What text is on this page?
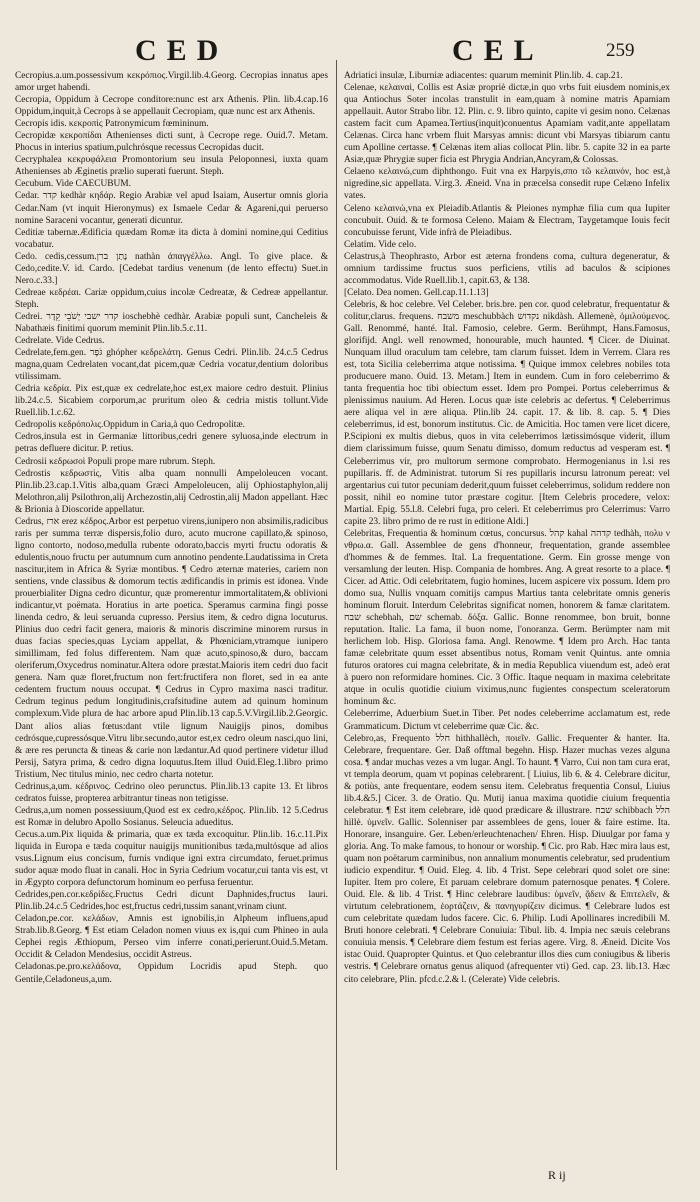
CED	CEL	259

Cecropius.a.um.possessivum κεκρόπιος.Virgil.lib.4.Georg. Cecropias innatus apes amor urget habendi.

Cecropia, Oppidum à Cecrope conditore:nunc est arx Athenis. Plin. lib.4.cap.16 Oppidum,inquit,à Cecrops à se appellauit Cecropiam, quæ nunc est arx Athenis.

Cecropis idis. κεκροπὶς Patronymicum fœmininum.

Cecropidæ κεκροπίδαι Athenienses dicti sunt, à Cecrope rege. Ouid.7. Metam. Phocus in interius spatium,pulchrósque recessus Cecropidas ducit.

Cecryphalea κεκρυφάλεια Promontorium seu insula Peloponnesi, iuxta quam Athenienses ab Æginetis prælio superati fuerunt. Steph.

Cecubum. Vide CAECUBUM.

Cedar. קדר kedhàr κηδάρ. Regio Arabiæ vel apud Isaiam, Ausertur omnis gloria Cedar.Nam (vt inquit Hieronymus) ex Ismaele Cedar & Agareni,qui peruerso nomine Saraceni vocantur, generati dicuntur.

Ceditiæ tabernæ.Ædificia quædam Romæ ita dicta à domini nomine,qui Ceditius vocabatur.

Cedo. cedis,cessum.נָתַן ברן nathàn ἀπαγγέλλω. Angl. To give place. & Cedo,cedite.V. id. Cardo. [Cedebat tardius venenum (de lento effectu) Suet.in Nero.c.33.]

Cedreae κεδρέαι. Cariæ oppidum,cuius incolæ Cedreatæ, & Cedreæ appellantur. Steph.

Cedrei. קדר ישבי יְשֹׁבֵי קֵדָר ioschebhè cedhàr. Arabiæ populi sunt, Cancheleis & Nabathæis finitimi quorum meminit Plin.lib.5.c.11.

Cedrelate. Vide Cedrus.

Cedrelate,fem.gen. גֹּפֶר ghópher κεδρελάτη. Genus Cedri. Plin.lib. 24.c.5 Cedrus magna,quam Cedrelaten vocant,dat picem,quæ Cedria vocatur,dentium doloribus vtilissimam.

Cedria κεδρία. Pix est,quæ ex cedrelate,hoc est,ex maiore cedro destuit. Plinius lib.24.c.5. Sicabiem corporum,ac pruritum oleo & cedria mistis tollunt.Vide Ruell.lib.1.c.62.

Cedropolis κεδρόπολις.Oppidum in Caria,à quo Cedropolitæ.

Cedros,insula est in Germaniæ littoribus,cedri genere syluosa,inde electrum in petras defluere dicitur. P. retius.

Cedrosii κεδρωσοὶ Populi prope mare rubrum. Steph.

Cedrostis κεδρωστὶς, Vitis alba quam nonnulli Ampeloleucen vocant. Plin.lib.23.cap.1.Vitis alba,quam Græci Ampeloleucen, alij Ophiostaphylon,alij Melothron,alij Psilothron,alij Archezostin,alij Cedrostin,alij Madon appellant. Hæc & Brionia à Dioscoride appellatur.

Cedrus, ארז erez κέδρος.Arbor est perpetuo virens,iunipero non absimilis,radicibus raris per summa terræ dispersis,folio duro, acuto mucrone capillato,& spinoso, ligno contorto, nodoso,medulla rubente odorato,baccis myrti fructu odoratis & edulentis,nouo fructu per autumnum cum annotino pendente.Laudatissima in Creta nascitur,item in Africa & Syriæ montibus. ¶ Cedro æternæ materies, cariem non sentiens, vnde classibus & domorum tectis ædificandis in primis est idonea. Vnde prouerbialiter Digna cedro dicuntur, quæ promerentur immortalitatem,& oblivioni indicantur,vt poëmata. Horatius in arte poetica. Speramus carmina fingi posse linenda cedro, & leui seruanda cupresso. Persius item, & cedro digna locuturus. Plinius duo cedri facit genera, maioris & minoris discrimine minorem rursus in duas facias species,quas Lyciam appellat, & Phœniciam,vtramque iunipero simillimam, fed folus differentem. Nam quæ acuto,spinoso,& duro, baccam oleriferum,Oxycedrus nominatur.Altera odore præstat.Maioris item cedri duo facit genera. Nam quæ floret,fructum non fert:fructifera non floret, sed in ea ante cedentem fructum nouus occupat. ¶ Cedrus in Cypro maxima nasci traditur. Cedrum teginus pedum longitudinis,crafsitudine autem ad quinum hominum complexum.Vide plura de hac arbore apud Plin.lib.13 cap.5.V.Virgil.lib.2.Georgic. Dant alios alias fœtus:dant vtile lignum Nauigijs pinos, domibus cedrósque,cupressósque.Vitru libr.secundo,autor est,ex cedro oleum nasci,quo lini, & ære res peruncta & tineas & carie non lædantur.Ad quod pertinere videtur illud Persij, Satyra prima, & cedro digna loquutus.Item illud Ouid.Eleg.1.libro primo Tristium, Nec titulus minio, nec cedro charta notetur.

Cedrinus,a,um. κέδρινος. Cedrino oleo perunctus. Plin.lib.13 capite 13. Et libros cedratos fuisse, propterea arbitrantur tineas non tetigisse.

Cedrus,a,um nomen possessiuum,Quod est ex cedro,κέδρος. Plin.lib. 12 5.Cedrus est Romæ in delubro Apollo Sosianus. Seleucia adueditus.

Cecus.a.um.Pix liquida & primaria, quæ ex tæda excoquitur. Plin.lib. 16.c.11.Pix liquida in Europa e tæda coquitur nauigijs munitionibus tæda,multósque ad alios vsus.Lignum eius concisum, furnis vndique igni extra circumdato, feruet.primus sudor aquæ modo fluat in canali. Hoc in Syria Cedrium vocatur,cui tanta vis est, vt in Ægypto corpora defunctorum hominum eo perfusa feruentur.

Cedrides,pen.cor.κεδρίδες.Fructus Cedri dicunt Daphnides,fructus lauri. Plin.lib.24.c.5 Cedrides,hoc est,fructus cedri,tussim sanant,vrinam ciunt.

Celadon,pe.cor. κελάδων, Amnis est ignobilis,in Alpheum influens,apud Strab.lib.8.Georg. ¶ Est etiam Celadon nomen viuus ex is,qui cum Phineo in aula Cephei regis Æthiopum, Perseo vim inferre conati,perierunt.Ouid.5.Metam. Occidit & Celadon Mendesius, occidit Astreus.

Celadonas.pe.pro.κελάδονα, Oppidum Locridis apud Steph. quo Gentile,Celadoneus,a,um.

Adriatici insulæ, Liburniæ adiacentes: quarum meminit Plin.lib. 4. cap.21.

Celenae, κελαιναὶ, Collis est Asiæ propriè dictæ,in quo vrbs fuit eiusdem nominis,ex qua Antiochus Soter incolas transtulit in eam,quam à nomine matris Apamiam appellauit. Autor Strabo libr. 12. Plin. c. 9. libro quinto, capite vi gesim nono. Celænas castem facit cum Apamea.Tertius(inquit)conuentus Apamiam vadit,ante appellatam Celænas. Circa hanc vrbem fluit Marsyas amnis: dicunt vbi Marsyas tibiarum cantu cum Apolline certasse. ¶ Celænas item alias collocat Plin. libr. 5. capite 32 in ea parte Asiæ,quæ Phrygiæ super ficia est Phrygia Andrian,Ancyram,& Colossas.

Celaeno κελαινώ,cum diphthongo. Fuit vna ex Harpyis,σπο τῶ κελαινόν, hoc est,à nigredine,sic appellata. V.irg.3. Æneid. Vna in præcelsa consedit rupe Celæno Infelix vates.

Celeno κελαινώ,vna ex Pleiadib.Atlantis & Pleiones nymphæ filia cum qua Iupiter concubuit. Ouid. & te formosa Celeno. Maiam & Electram, Taygetamque Iouis fecit concubuisse ferunt, Vide infrà de Pleiadibus.

Celatim. Vide celo.

Celastrus,à Theophrasto, Arbor est æterna frondens coma, cultura degeneratur, & omnium tardissime fructus suos perficiens, vtilis ad baculos & scipiones accommodatus. Vide Ruell.lib.1, capit.63, & 138.

[Celato. Dea nomen. Gell.cap.11.1.13]

Celebris, & hoc celebre. Vel Celeber. bris.bre. pen cor. quod celebratur, frequentatur & colitur,clarus. frequens. משבח meschubbàch נקדוש nikdàsh. Allemenè, ὁμιλούμενος. Gall. Renommé, hanté. Ital. Famosio, celebre. Germ. Berühmpt, Hans.Famosus, glorifijd. Angl. well renowmed, honourable, much haunted. ¶ Cicer. de Diuinat. Nunquam illud oraculum tam celebre, tam clarum fuisset. Idem in Verrem. Clara res est, tota Sicilia celeberrima atque notissima. ¶ Quique immox celebres nobiles tota producuere mano. Ouid. 13. Metam.] Item in eundem. Cum in foro celeberrimo & tanta frequentia hoc tibi obiectum esset. Idem pro Pompei. Portus celeberrimus & plenissimus nauium. Ad Heren. Locus quæ iste celebris ac defertus. ¶ Celeberrimus aere aliqua vel in ære aliqua. Plin.lib 24. capit. 17. & lib. 8. cap. 5. ¶ Dies celeberrimus, id est, bonorum institutus. Cic. de Amicitia. Hoc tamen vere licet dicere, P.Scipioni ex multis diebus, quos in vita celeberrimos lætissimósque viderit, illum diem clarissimum fuisse, quum Senatu dimisso, domum reductus ad vesperam est. ¶ Celeberrimus vir, pro multorum sermone comprobato. Hermogenianus in l.si res pupillaris. ff. de Administrat. tutorum Si res pupillaris incursu latronum pereat: vel argentarius cui tutor pecuniam dederit,quum fuisset celeberrimus, solidum reddere non possit, nihil eo nomine tutor præstare cogitur. [Item Celebris procedere, velox: Martial. Epig. 55.l.8. Celebri fuga, pro celeri. Et celeberrimus pro Celerrimus: Varro capite 23. libro primo de re rust in editione Aldi.]

Celebritas, Frequentia & hominum cœtus, concursus. קהל kahal קדהה tedhàh, πολυ ν νθρω.α. Gall. Assemblee de gens d'honneur, frequentation, grande assemblee d'hommes & de femmes. Ital. La frequentatione. Germ. Ein grosse menge von versamlung der leuten. Hisp. Compania de hombres. Ang. A great resorte to a place. ¶ Cicer. ad Attic. Odi celebritatem, fugio homines, lucem aspicere vix possum. Idem pro domo sua, Nullis vnquam comitijs campus Martius tanta celebritate omnis generis hominum floruit. Interdum Celebritas significat nomen, honorem & famæ claritatem. שבח schebhah, שם schemab. δόξα. Gallic. Bonne renommee, bon bruit, bonne reputation. Italic. La fama, il buon nome, l'onoranza. Germ. Berümpter nam mit herlichem lob. Hisp. Gloriosa fama. Angl. Renowme. ¶ Idem pro Arch. Hac tanta famæ celebritate quum esset absentibus notus, Romam venit Quintus. ante omnia futuros oratores cui magna celebritate, & in media Republica viuendum est, adeò erat à puero non reformidare homines. Cic. 3 Offic. Itaque nequam in maxima celebritate atque in oculis quotidie ciuium viximus,nunc fugientes conspectum sceleratorum hominum &c.

Celeberrime, Aduerbium Suet.in Tiber. Pet nodes celeberrime acclamatum est, rede Grammaticum. Dictum vt celeberrime quæ Cic. &c.

Celebro,as, Frequento חלל hithhallèch, ποιεῖν. Gallic. Frequenter & hanter. Ita. Celebrare, frequentare. Ger. Daß offtmal begehn. Hisp. Hazer muchas vezes alguna cosa. ¶ andar muchas vezes a vm lugar. Angl. To haunt. ¶ Varro, Cui non tam cura erat, vt templa deorum, quam vt popinas celebrarent. [ Liuius, lib 6. & 4. Celebrare dicitur, & potiùs, ante frequentare, eodem sensu item. Celebratus frequentia Consul, Liuius lib.4.&5.] Cicer. 3. de Oratio. Qu. Mutij ianua maxima quotidie ciuium frequentia celebratur. ¶ Est item celebrare, idè quod prædicare & illustrare. שבח schibbach הלל hillè. ὑμνεῖν. Gallic. Solenniser par assemblees de gens, louer & faire estime. Ita. Honorare, insanguire. Ger. Leben/erleuchtenachen/ Ehren. Hisp. Diuulgar por fama y gloria. Ang. To make famous, to honour or worship. ¶ Cic. pro Rab. Hæc mira laus est, quam non poëtarum carminibus, non annalium monumentis celebratur, sed prudentium iudicio expenditur. ¶ Ouid. Eleg. 4. lib. 4 Trist. Sepe celebrari quod solet ore sine: Iupiter. Item pro colere, Et paruam celebrare domum paternosque penates. ¶ Colere. Ouid. Ele. & lib. 4 Trist. ¶ Hinc celebrare laudibus: ὑμνεῖν, ᾄδειν & Επιτελεῖν, & virtutum celebrationem, ἑορτάζειν, & πανηγυρίζειν dicimus. ¶ Celebrare ludos est cum celebritate quædam ludos facere. Cic. 6. Philip. Ludi Apollinares incredibili M. Bruti honore celebrati. ¶ Celebrare Conuiuia: Tibul. lib. 4. Impia nec sæuis celebrans conuiuia mensis. ¶ Celebrare diem festum est ferias agere. Virg. 8. Æneid. Dicite Vos istac Ouid. Quapropter Quintus. et Quo celebrantur illos dies cum coniugibus & liberis vestris. ¶ Celebrare ornatus genus aliquod (afrequenter vti) Ged. cap. 23. lib.13. Hæc cito celebrare, Plin. pfcd.c.2.& l. (Celerate) Vide celebris.

R ij
